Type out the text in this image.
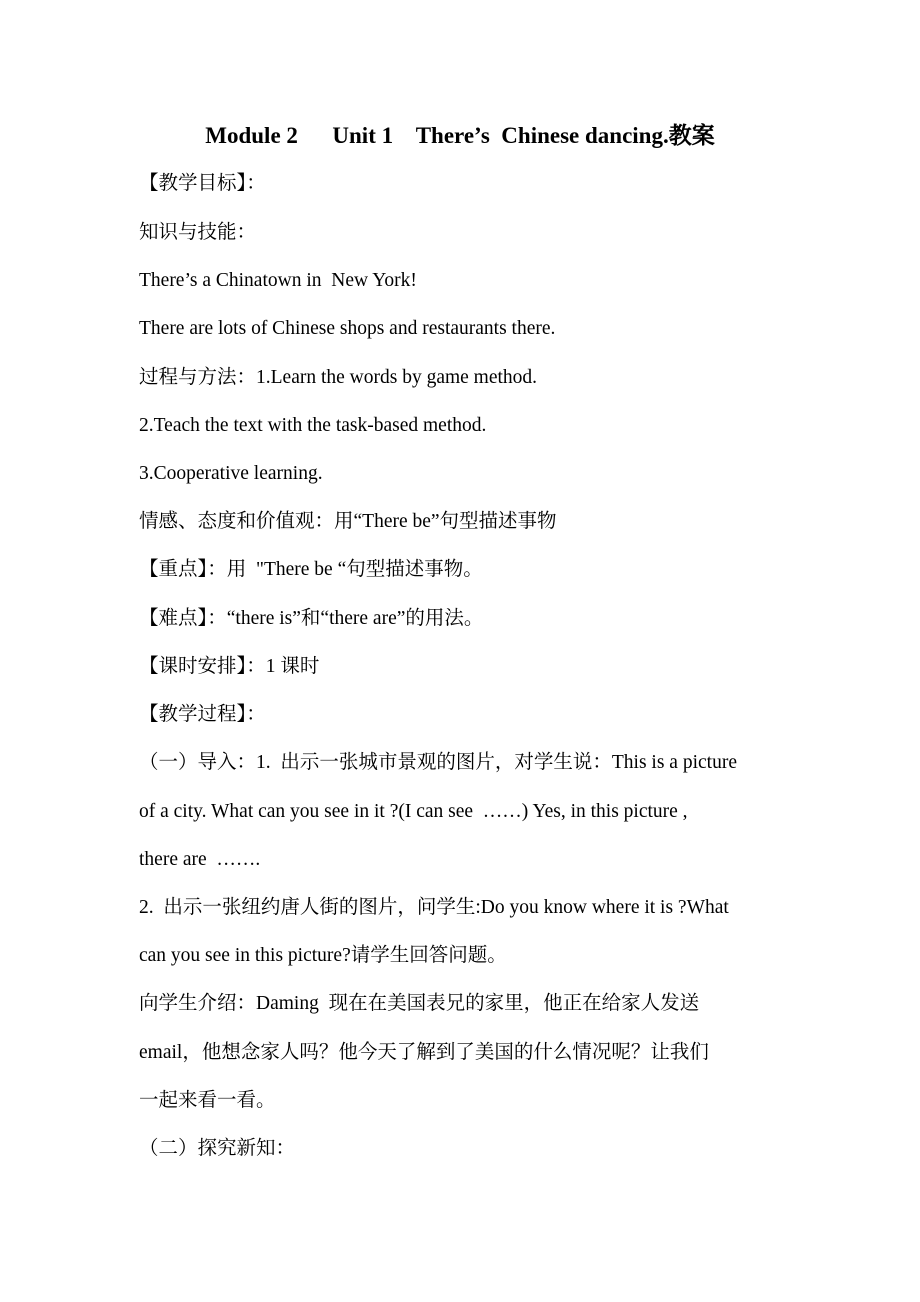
Module 2      Unit 1    There’s  Chinese dancing.教案

【教学目标】：

知识与技能：

There’s a Chinatown in  New York!

There are lots of Chinese shops and restaurants there.

过程与方法：1.Learn the words by game method.

2.Teach the text with the task-based method.

3.Cooperative learning.

情感、态度和价值观：用“There be”句型描述事物

【重点】：用  "There be “句型描述事物。

【难点】：“there is”和“there are”的用法。

【课时安排】：1 课时

【教学过程】：

（一）导入：1.  出示一张城市景观的图片，对学生说：This is a picture

of a city. What can you see in it ?(I can see  ……) Yes, in this picture ,

there are  …….

2.  出示一张纽约唐人街的图片，问学生:Do you know where it is ?What

can you see in this picture?请学生回答问题。

向学生介绍：Daming  现在在美国表兄的家里，他正在给家人发送

email，他想念家人吗？他今天了解到了美国的什么情况呢？让我们

一起来看一看。

（二）探究新知：
